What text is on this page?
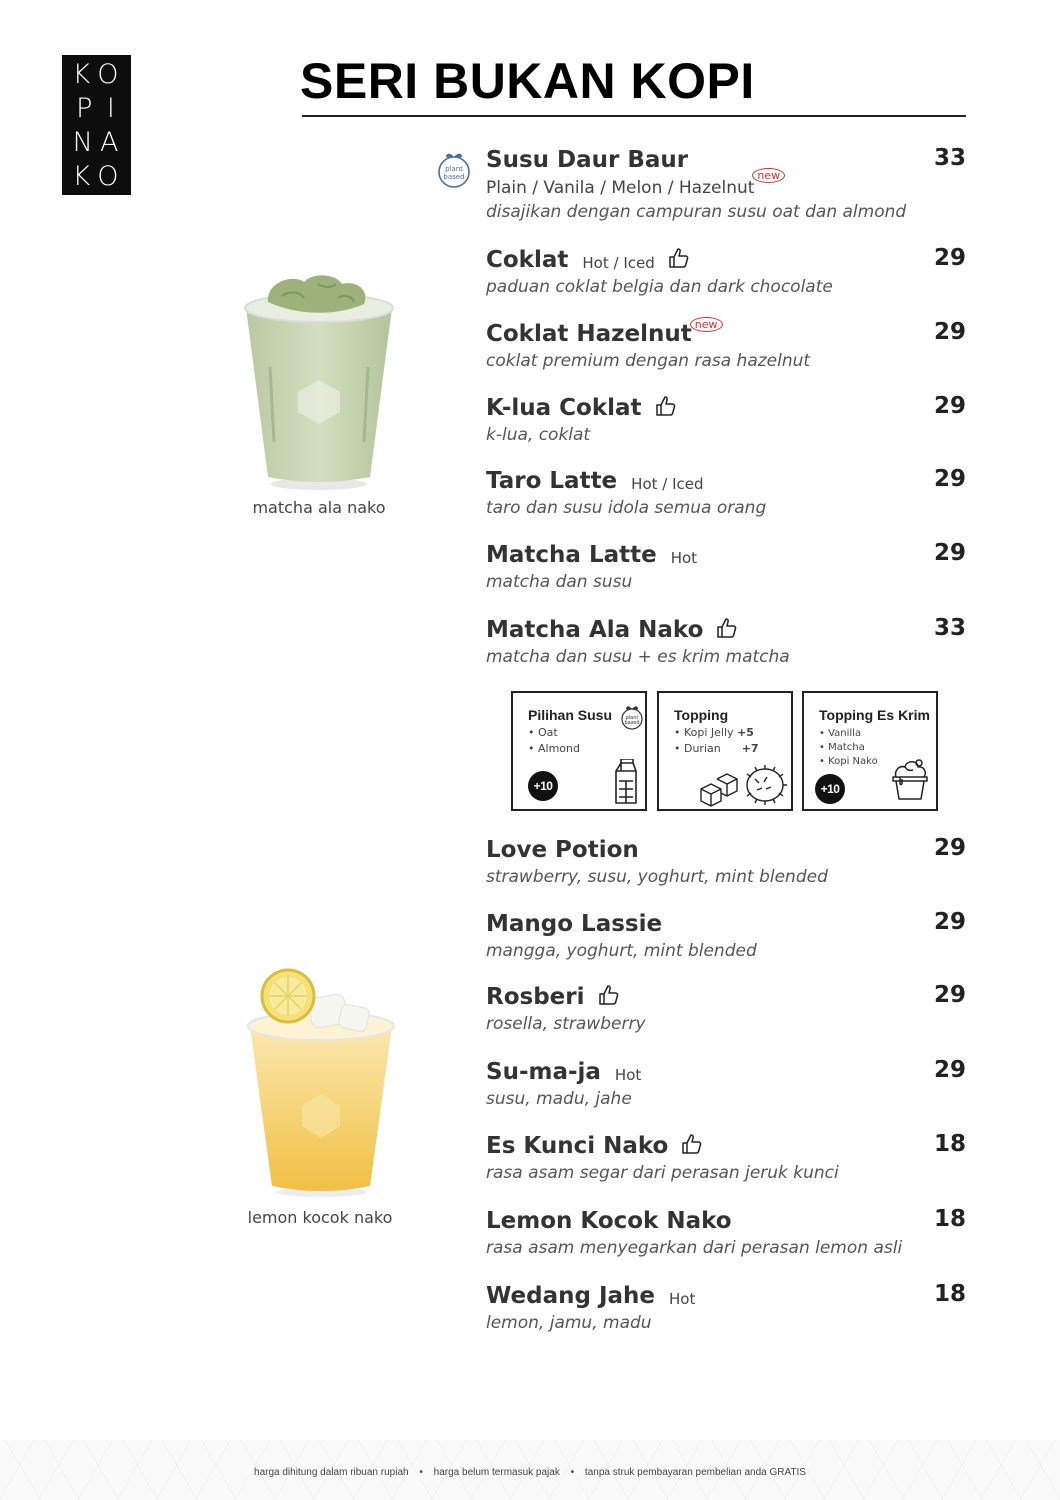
K O
P I
N A
K O
SERI BUKAN KOPI
plant
based
Susu Daur Baur
Plain / Vanila / Melon / Hazelnutnew
disajikan dengan campuran susu oat dan almond
33
Coklat Hot / Iced
paduan coklat belgia dan dark chocolate
29
Coklat Hazelnut new
coklat premium dengan rasa hazelnut
29
K-lua Coklat
k-lua, coklat
29
Taro Latte Hot / Iced
taro dan susu idola semua orang
29
Matcha Latte Hot
matcha dan susu
29
Matcha Ala Nako
matcha dan susu + es krim matcha
33
Pilihan Susu
• Oat
• Almond
+10
plant
based Topping
• Kopi Jelly +5
• Durian +7
Topping Es Krim
• Vanilla
• Matcha
• Kopi Nako
+10
Love Potion
strawberry, susu, yoghurt, mint blended
29
Mango Lassie
mangga, yoghurt, mint blended
29
Rosberi
rosella, strawberry
29
Su-ma-ja Hot
susu, madu, jahe
29
Es Kunci Nako
rasa asam segar dari perasan jeruk kunci
18
Lemon Kocok Nako
rasa asam menyegarkan dari perasan lemon asli
18
Wedang Jahe Hot
lemon, jamu, madu
18
matcha ala nako
lemon kocok nako
harga dihitung dalam ribuan rupiah • harga belum termasuk pajak • tanpa struk pembayaran pembelian anda GRATIS
